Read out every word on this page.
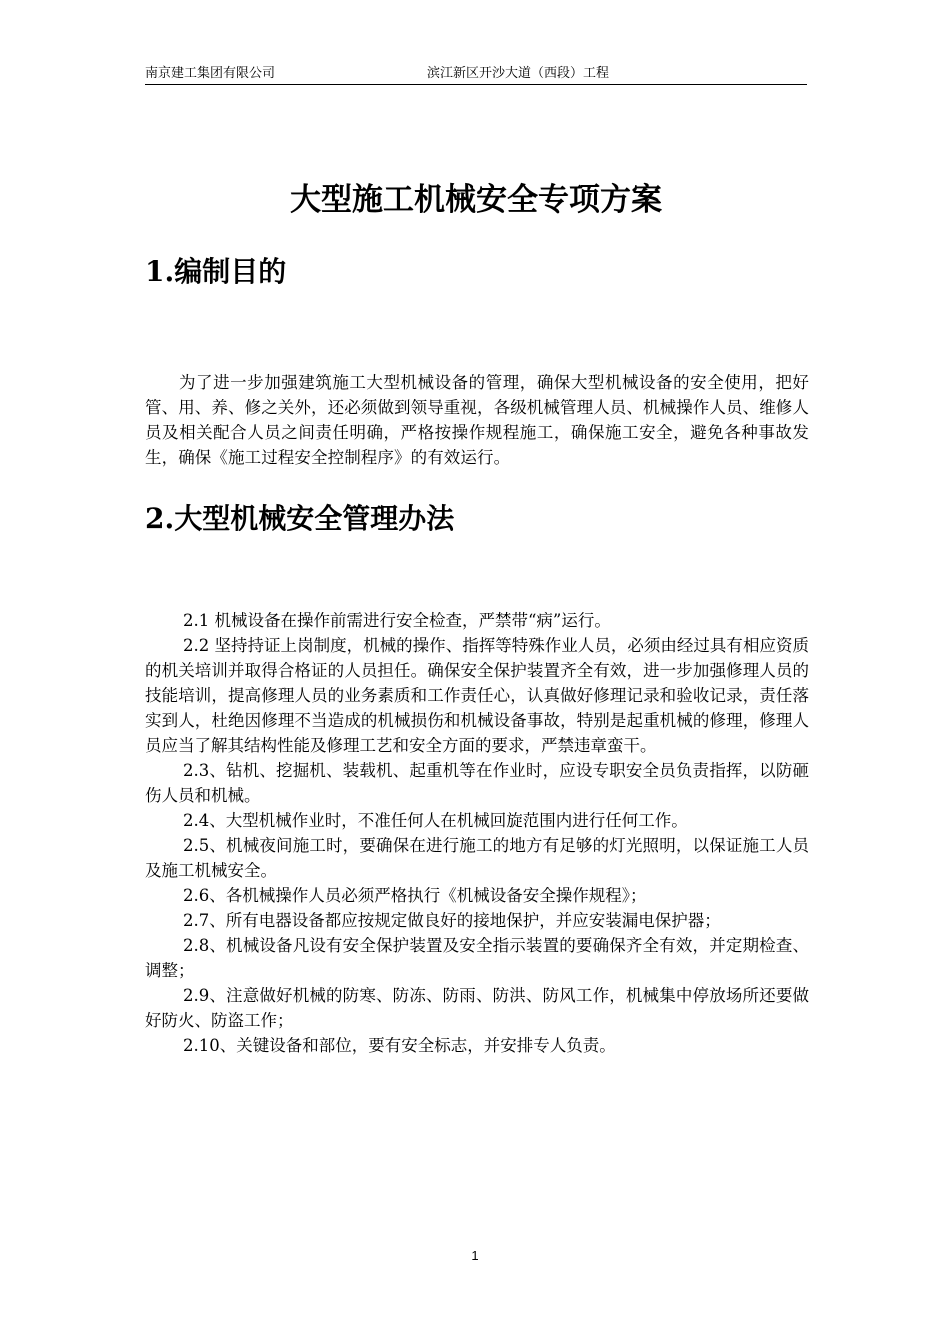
南京建工集团有限公司	滨江新区开沙大道（西段）工程
大型施工机械安全专项方案
1.编制目的

为了进一步加强建筑施工大型机械设备的管理，确保大型机械设备的安全使用，把好管、用、养、修之关外，还必须做到领导重视，各级机械管理人员、机械操作人员、维修人员及相关配合人员之间责任明确，严格按操作规程施工，确保施工安全，避免各种事故发生，确保《施工过程安全控制程序》的有效运行。

2.大型机械安全管理办法

2.1 机械设备在操作前需进行安全检查，严禁带“病”运行。

2.2 坚持持证上岗制度，机械的操作、指挥等特殊作业人员，必须由经过具有相应资质的机关培训并取得合格证的人员担任。确保安全保护装置齐全有效，进一步加强修理人员的技能培训，提高修理人员的业务素质和工作责任心，认真做好修理记录和验收记录，责任落实到人，杜绝因修理不当造成的机械损伤和机械设备事故，特别是起重机械的修理，修理人员应当了解其结构性能及修理工艺和安全方面的要求，严禁违章蛮干。

2.3、钻机、挖掘机、装载机、起重机等在作业时，应设专职安全员负责指挥，以防砸伤人员和机械。

2.4、大型机械作业时，不准任何人在机械回旋范围内进行任何工作。

2.5、机械夜间施工时，要确保在进行施工的地方有足够的灯光照明，以保证施工人员及施工机械安全。

2.6、各机械操作人员必须严格执行《机械设备安全操作规程》；

2.7、所有电器设备都应按规定做良好的接地保护，并应安装漏电保护器；

2.8、机械设备凡设有安全保护装置及安全指示装置的要确保齐全有效，并定期检查、调整；

2.9、注意做好机械的防寒、防冻、防雨、防洪、防风工作，机械集中停放场所还要做好防火、防盗工作；

2.10、关键设备和部位，要有安全标志，并安排专人负责。

1
